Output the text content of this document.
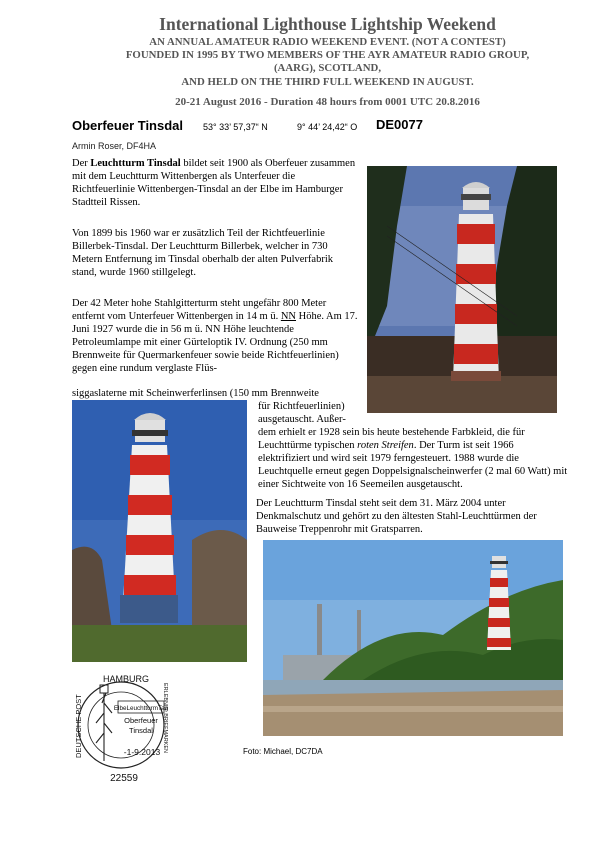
International Lighthouse Lightship Weekend
AN ANNUAL AMATEUR RADIO WEEKEND EVENT. (NOT A CONTEST)
FOUNDED IN 1995 BY TWO MEMBERS OF THE AYR AMATEUR RADIO GROUP,
(AARG), SCOTLAND,
AND HELD ON THE THIRD FULL WEEKEND IN AUGUST.
20-21 August 2016 - Duration 48 hours from 0001 UTC 20.8.2016
Oberfeuer Tinsdal 53° 33’ 57,37“ N	9° 44’ 24,42“ O DE0077
Armin Roser, DF4HA

Der Leuchtturm Tinsdal bildet seit 1900 als Oberfeuer zusammen mit dem Leuchtturm Wittenbergen als Unterfeuer die Richtfeuerlinie Wittenbergen-Tinsdal an der Elbe im Hamburger Stadtteil Rissen.

Von 1899 bis 1960 war er zusätzlich Teil der Richtfeuerlinie Billerbek-Tinsdal. Der Leuchtturm Billerbek, welcher in 730 Metern Entfernung im Tinsdal oberhalb der alten Pulverfabrik stand, wurde 1960 stillgelegt.

Der 42 Meter hohe Stahlgitterturm steht ungefähr 800 Meter entfernt vom Unterfeuer Wittenbergen in 14 m ü. NN Höhe. Am 17. Juni 1927 wurde die in 56 m ü. NN Höhe leuchtende Petroleumlampe mit einer Gürteloptik IV. Ordnung (250 mm Brennweite für Quermarkenfeuer sowie beide Richtfeuerlinien) gegen eine rundum verglaste Flüs-

siggaslaterne mit Scheinwerferlinsen (150 mm Brennweite

für Richtfeuerlinien)

ausgetauscht. Außer-

dem erhielt er 1928 sein bis heute bestehende Farbkleid, die für Leuchttürme typischen roten Streifen. Der Turm ist seit 1966 elektrifiziert und wird seit 1979 ferngesteuert. 1988 wurde die Leuchtquelle erneut gegen Doppelsignalscheinwerfer (2 mal 60 Watt) mit einer Sichtweite von 16 Seemeilen ausgetauscht.

Der Leuchtturm Tinsdal steht seit dem 31. März 2004 unter Denkmalschutz und gehört zu den ältesten Stahl-Leuchttürmen der Bauweise Treppenrohr mit Gratsparren.

HAMBURG
DEUTSCHE POST	ERLEBNIS: BRIEFMARKEN
ElbeLeuchtturmTag
Oberfeuer
Tinsdal
-1-9.2013
22559
Foto: Michael, DC7DA
